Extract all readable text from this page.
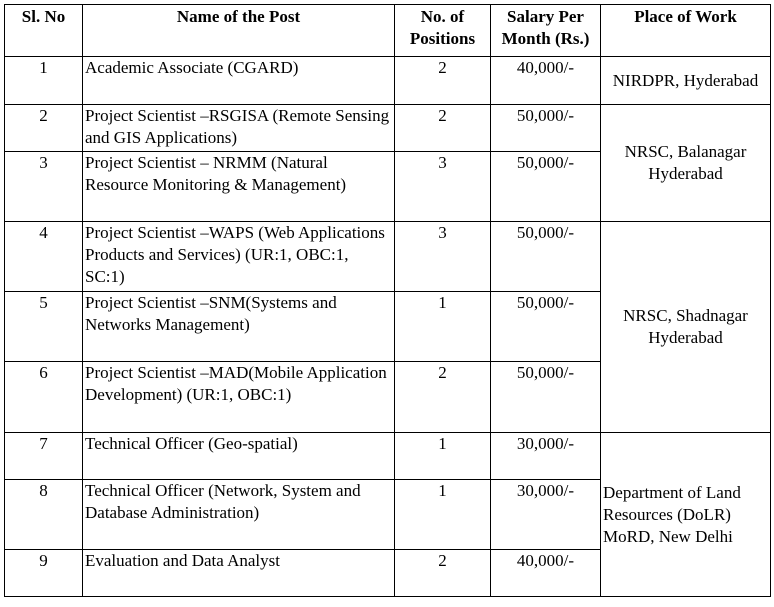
Sl. No	Name of the Post	No. of Positions	Salary Per Month (Rs.)	Place of Work
1	Academic Associate (CGARD)	2	40,000/-	NIRDPR, Hyderabad
2	Project Scientist –RSGISA (Remote Sensing and GIS Applications)	2	50,000/-	NRSC, Balanagar Hyderabad
3	Project Scientist – NRMM (Natural Resource Monitoring & Management)	3	50,000/-	
4	Project Scientist –WAPS (Web Applications Products and Services) (UR:1, OBC:1, SC:1)	3	50,000/-	NRSC, Shadnagar Hyderabad
5	Project Scientist –SNM(Systems and Networks Management)	1	50,000/-	
6	Project Scientist –MAD(Mobile Application Development) (UR:1, OBC:1)	2	50,000/-	
7	Technical Officer (Geo-spatial)	1	30,000/-	Department of Land Resources (DoLR) MoRD, New Delhi
8	Technical Officer (Network, System and Database Administration)	1	30,000/-	
9	Evaluation and Data Analyst	2	40,000/-	
